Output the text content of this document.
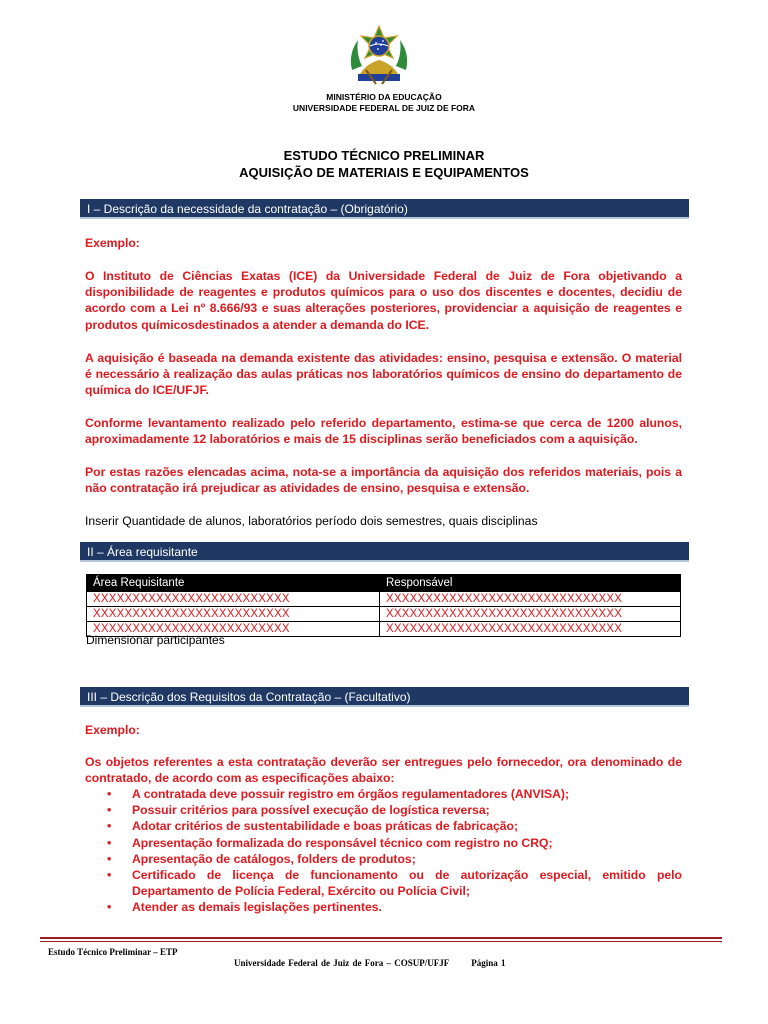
MINISTÉRIO DA EDUCAÇÃO
UNIVERSIDADE FEDERAL DE JUIZ DE FORA
ESTUDO TÉCNICO PRELIMINAR
AQUISIÇÃO DE MATERIAIS E EQUIPAMENTOS
I – Descrição da necessidade da contratação – (Obrigatório)

Exemplo:

O Instituto de Ciências Exatas (ICE) da Universidade Federal de Juiz de Fora objetivando a disponibilidade de reagentes e produtos químicos para o uso dos discentes e docentes, decidiu de acordo com a Lei nº 8.666/93 e suas alterações posteriores, providenciar a aquisição de reagentes e produtos químicosdestinados a atender a demanda do ICE.

A aquisição é baseada na demanda existente das atividades: ensino, pesquisa e extensão. O material é necessário à realização das aulas práticas nos laboratórios químicos de ensino do departamento de química do ICE/UFJF.

Conforme levantamento realizado pelo referido departamento, estima-se que cerca de 1200 alunos, aproximadamente 12 laboratórios e mais de 15 disciplinas serão beneficiados com a aquisição.

Por estas razões elencadas acima, nota-se a importância da aquisição dos referidos materiais, pois a não contratação irá prejudicar as atividades de ensino, pesquisa e extensão.

Inserir Quantidade de alunos, laboratórios período dois semestres, quais disciplinas

II – Área requisitante
Área Requisitante	Responsável
XXXXXXXXXXXXXXXXXXXXXXXXX	XXXXXXXXXXXXXXXXXXXXXXXXXXXXXX
XXXXXXXXXXXXXXXXXXXXXXXXX	XXXXXXXXXXXXXXXXXXXXXXXXXXXXXX
XXXXXXXXXXXXXXXXXXXXXXXXX	XXXXXXXXXXXXXXXXXXXXXXXXXXXXXX
Dimensionar participantes
III – Descrição dos Requisitos da Contratação – (Facultativo)

Exemplo:

Os objetos referentes a esta contratação deverão ser entregues pelo fornecedor, ora denominado de contratado, de acordo com as especificações abaixo:

• A contratada deve possuir registro em órgãos regulamentadores (ANVISA);
• Possuir critérios para possível execução de logística reversa;
• Adotar critérios de sustentabilidade e boas práticas de fabricação;
• Apresentação formalizada do responsável técnico com registro no CRQ;
• Apresentação de catálogos, folders de produtos;
• Certificado de licença de funcionamento ou de autorização especial, emitido pelo Departamento de Polícia Federal, Exército ou Polícia Civil;
• Atender as demais legislações pertinentes.
Estudo Técnico Preliminar – ETP
Universidade Federal de Juiz de Fora – COSUP/UFJF Página 1
